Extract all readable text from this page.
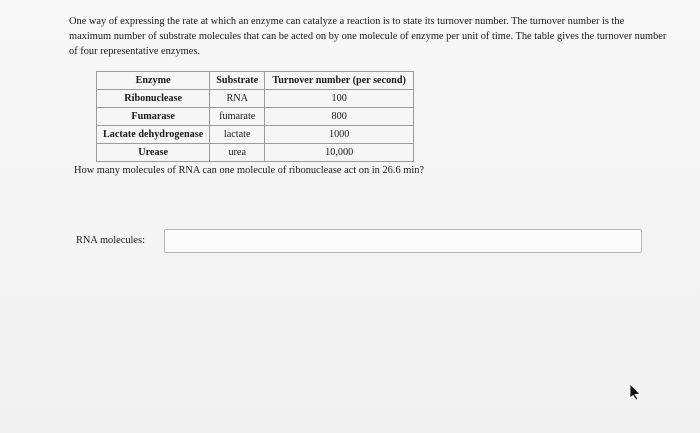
One way of expressing the rate at which an enzyme can catalyze a reaction is to state its turnover number. The turnover number is the maximum number of substrate molecules that can be acted on by one molecule of enzyme per unit of time. The table gives the turnover number of four representative enzymes.

Enzyme	Substrate	Turnover number (per second)
Ribonuclease	RNA	100
Fumarase	fumarate	800
Lactate dehydrogenase	lactate	1000
Urease	urea	10,000

How many molecules of RNA can one molecule of ribonuclease act on in 26.6 min?

RNA molecules:
